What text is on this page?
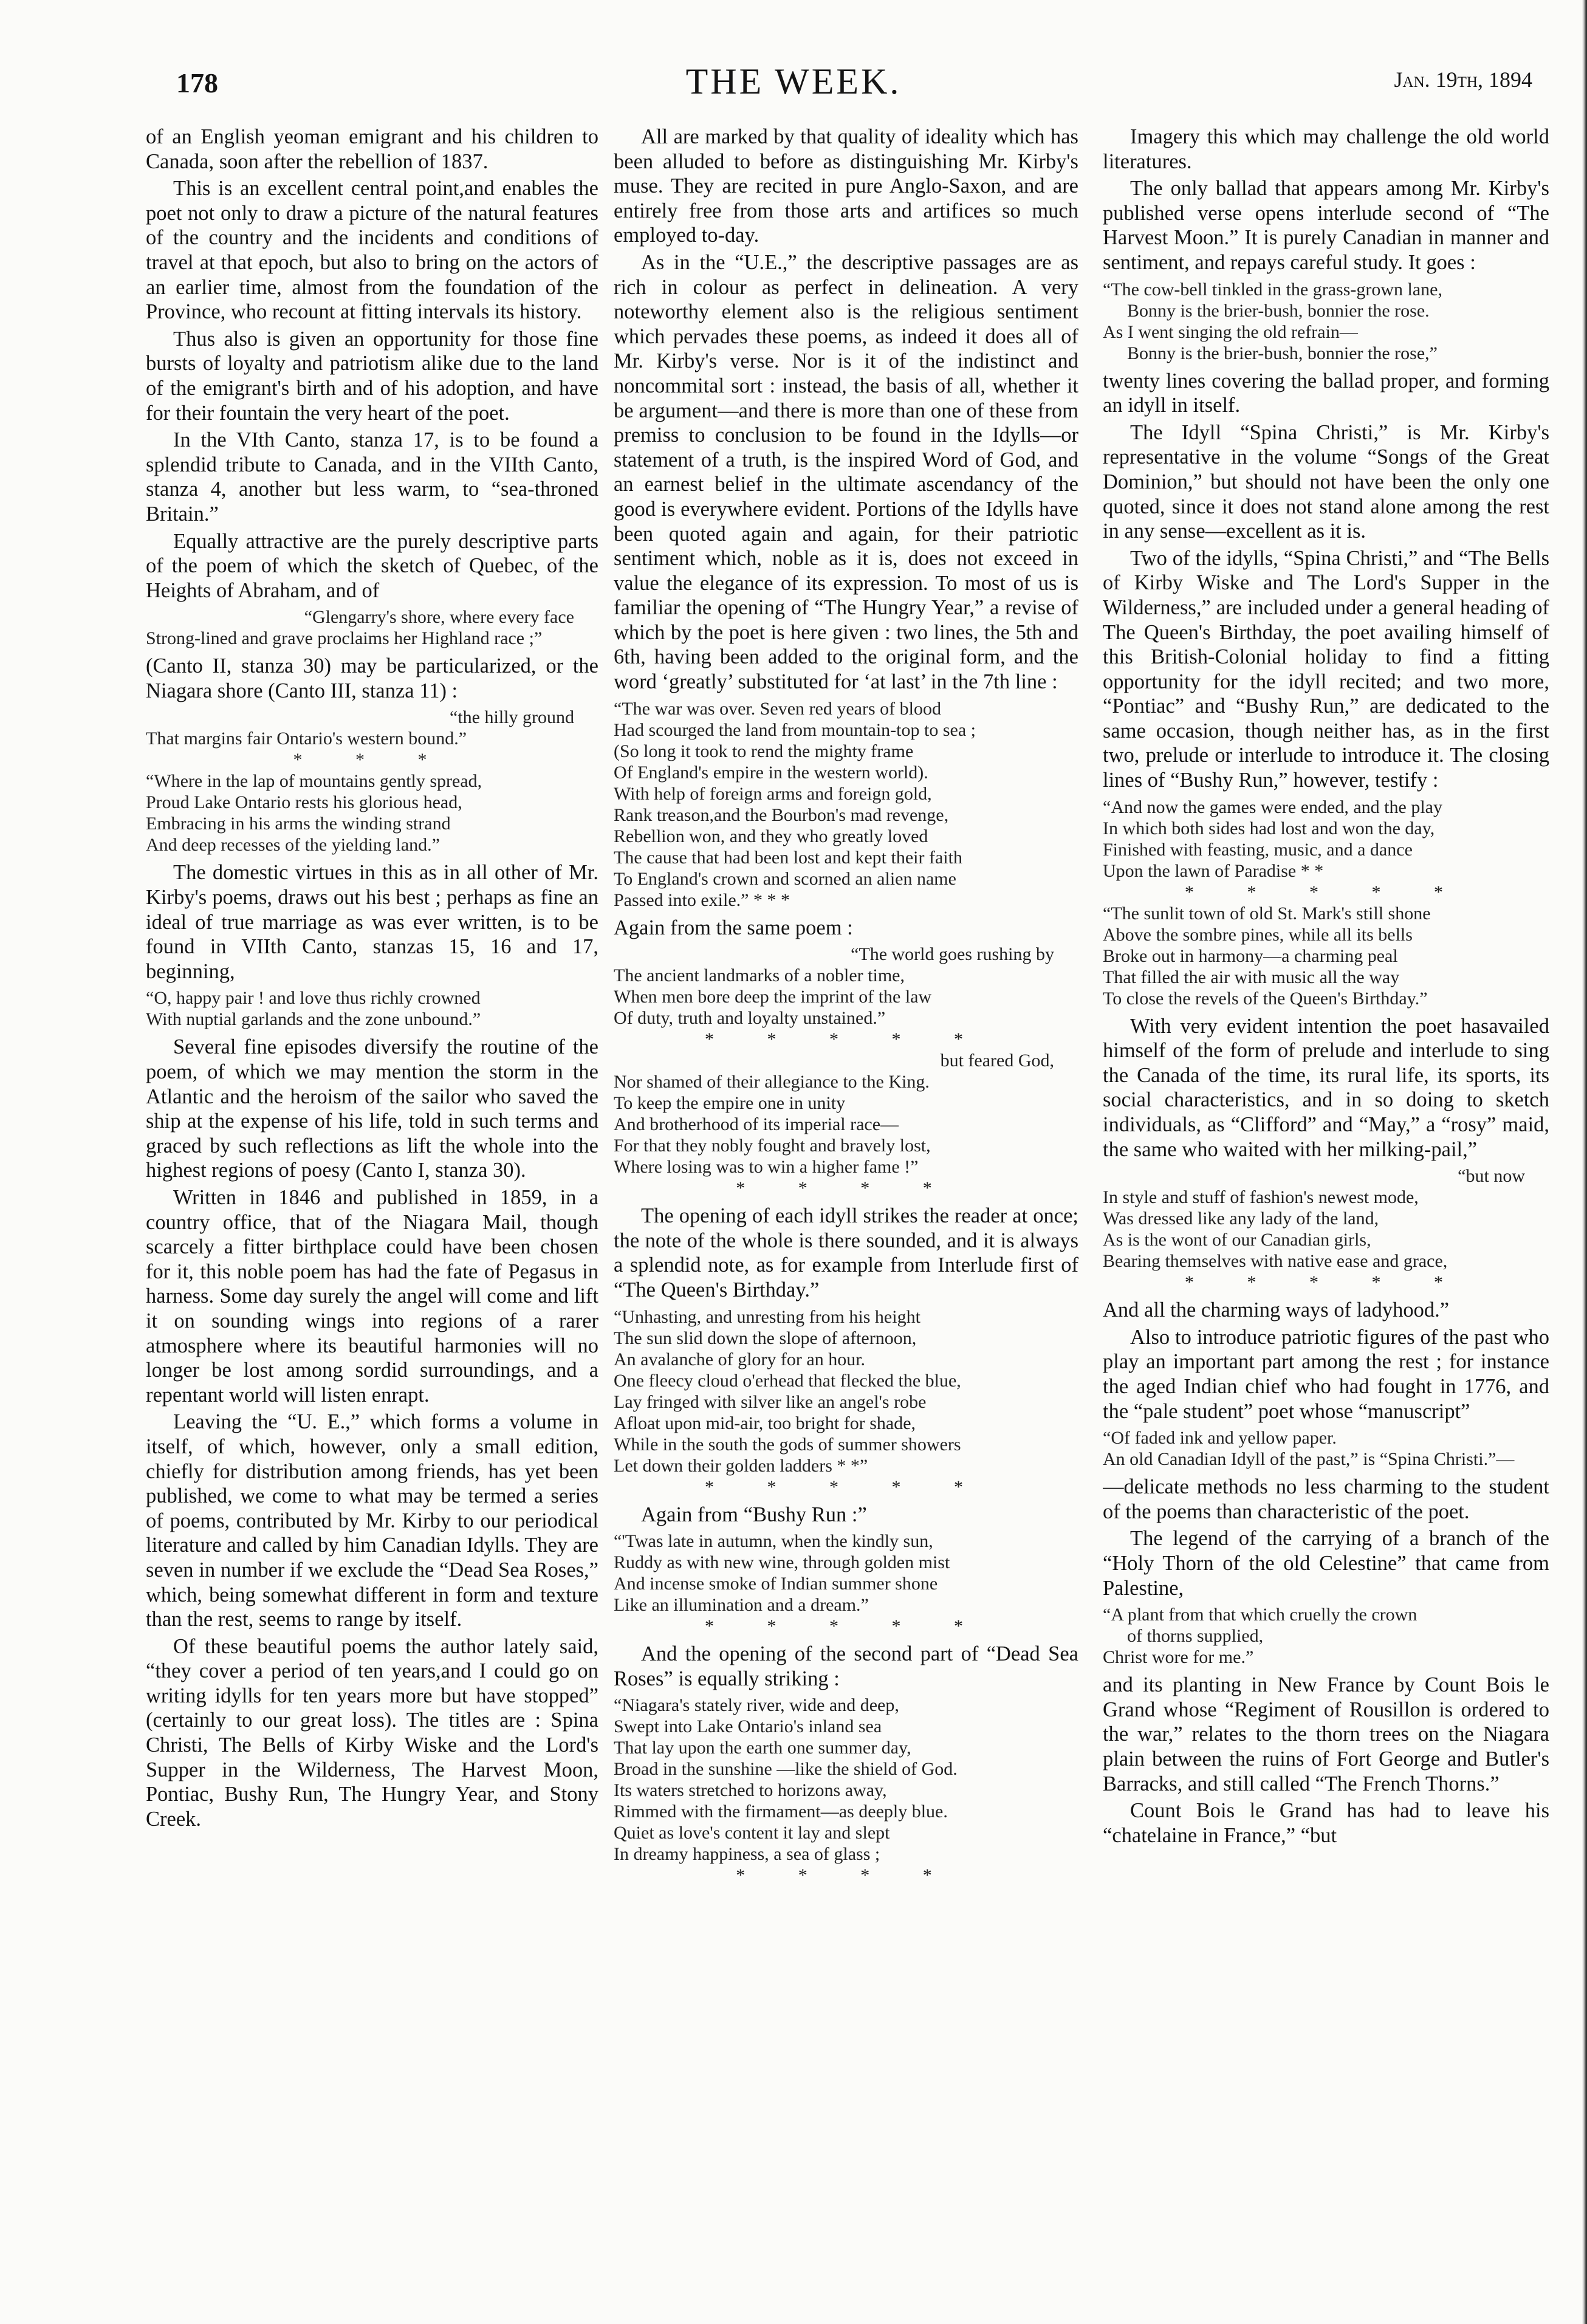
178	THE WEEK.	Jan. 19th, 1894

of an English yeoman emigrant and his children to Canada, soon after the rebellion of 1837.

This is an excellent central point,and enables the poet not only to draw a picture of the natural features of the country and the incidents and conditions of travel at that epoch, but also to bring on the actors of an earlier time, almost from the foundation of the Province, who recount at fitting intervals its history.

Thus also is given an opportunity for those fine bursts of loyalty and patriotism alike due to the land of the emigrant's birth and of his adoption, and have for their fountain the very heart of the poet.

In the VIth Canto, stanza 17, is to be found a splendid tribute to Canada, and in the VIIth Canto, stanza 4, another but less warm, to “sea-throned Britain.”

Equally attractive are the purely descriptive parts of the poem of which the sketch of Quebec, of the Heights of Abraham, and of

“Glengarry's shore, where every face
Strong-lined and grave proclaims her Highland race ;”

(Canto II, stanza 30) may be particularized, or the Niagara shore (Canto III, stanza 11) :

“the hilly ground
That margins fair Ontario's western bound.”
* * *
“Where in the lap of mountains gently spread,
Proud Lake Ontario rests his glorious head,
Embracing in his arms the winding strand
And deep recesses of the yielding land.”

The domestic virtues in this as in all other of Mr. Kirby's poems, draws out his best ; perhaps as fine an ideal of true marriage as was ever written, is to be found in VIIth Canto, stanzas 15, 16 and 17, beginning,

“O, happy pair ! and love thus richly crowned
With nuptial garlands and the zone unbound.”

Several fine episodes diversify the routine of the poem, of which we may mention the storm in the Atlantic and the heroism of the sailor who saved the ship at the expense of his life, told in such terms and graced by such reflections as lift the whole into the highest regions of poesy (Canto I, stanza 30).

Written in 1846 and published in 1859, in a country office, that of the Niagara Mail, though scarcely a fitter birthplace could have been chosen for it, this noble poem has had the fate of Pegasus in harness. Some day surely the angel will come and lift it on sounding wings into regions of a rarer atmosphere where its beautiful harmonies will no longer be lost among sordid surroundings, and a repentant world will listen enrapt.

Leaving the “U. E.,” which forms a volume in itself, of which, however, only a small edition, chiefly for distribution among friends, has yet been published, we come to what may be termed a series of poems, contributed by Mr. Kirby to our periodical literature and called by him Canadian Idylls. They are seven in number if we exclude the “Dead Sea Roses,” which, being somewhat different in form and texture than the rest, seems to range by itself.

Of these beautiful poems the author lately said, “they cover a period of ten years,and I could go on writing idylls for ten years more but have stopped” (certainly to our great loss). The titles are : Spina Christi, The Bells of Kirby Wiske and the Lord's Supper in the Wilderness, The Harvest Moon, Pontiac, Bushy Run, The Hungry Year, and Stony Creek.

All are marked by that quality of ideality which has been alluded to before as distinguishing Mr. Kirby's muse. They are recited in pure Anglo-Saxon, and are entirely free from those arts and artifices so much employed to-day.

As in the “U.E.,” the descriptive passages are as rich in colour as perfect in delineation. A very noteworthy element also is the religious sentiment which pervades these poems, as indeed it does all of Mr. Kirby's verse. Nor is it of the indistinct and noncommital sort : instead, the basis of all, whether it be argument—and there is more than one of these from premiss to conclusion to be found in the Idylls—or statement of a truth, is the inspired Word of God, and an earnest belief in the ultimate ascendancy of the good is everywhere evident. Portions of the Idylls have been quoted again and again, for their patriotic sentiment which, noble as it is, does not exceed in value the elegance of its expression. To most of us is familiar the opening of “The Hungry Year,” a revise of which by the poet is here given : two lines, the 5th and 6th, having been added to the original form, and the word ‘greatly’ substituted for ‘at last’ in the 7th line :

“The war was over. Seven red years of blood
Had scourged the land from mountain-top to sea ;
(So long it took to rend the mighty frame
Of England's empire in the western world).
With help of foreign arms and foreign gold,
Rank treason,and the Bourbon's mad revenge,
Rebellion won, and they who greatly loved
The cause that had been lost and kept their faith
To England's crown and scorned an alien name
Passed into exile.” * * *

Again from the same poem :

“The world goes rushing by
The ancient landmarks of a nobler time,
When men bore deep the imprint of the law
Of duty, truth and loyalty unstained.”
* * * * *
but feared God,
Nor shamed of their allegiance to the King.
To keep the empire one in unity
And brotherhood of its imperial race—
For that they nobly fought and bravely lost,
Where losing was to win a higher fame !”
* * * *

The opening of each idyll strikes the reader at once; the note of the whole is there sounded, and it is always a splendid note, as for example from Interlude first of “The Queen's Birthday.”

“Unhasting, and unresting from his height
The sun slid down the slope of afternoon,
An avalanche of glory for an hour.
One fleecy cloud o'erhead that flecked the blue,
Lay fringed with silver like an angel's robe
Afloat upon mid-air, too bright for shade,
While in the south the gods of summer showers
Let down their golden ladders * *”
* * * * *

Again from “Bushy Run :”

“'Twas late in autumn, when the kindly sun,
Ruddy as with new wine, through golden mist
And incense smoke of Indian summer shone
Like an illumination and a dream.”
* * * * *

And the opening of the second part of “Dead Sea Roses” is equally striking :

“Niagara's stately river, wide and deep,
Swept into Lake Ontario's inland sea
That lay upon the earth one summer day,
Broad in the sunshine —like the shield of God.
Its waters stretched to horizons away,
Rimmed with the firmament—as deeply blue.
Quiet as love's content it lay and slept
In dreamy happiness, a sea of glass ;
* * * *

Imagery this which may challenge the old world literatures.

The only ballad that appears among Mr. Kirby's published verse opens interlude second of “The Harvest Moon.” It is purely Canadian in manner and sentiment, and repays careful study. It goes :

“The cow-bell tinkled in the grass-grown lane,
Bonny is the brier-bush, bonnier the rose.
As I went singing the old refrain—
Bonny is the brier-bush, bonnier the rose,”

twenty lines covering the ballad proper, and forming an idyll in itself.

The Idyll “Spina Christi,” is Mr. Kirby's representative in the volume “Songs of the Great Dominion,” but should not have been the only one quoted, since it does not stand alone among the rest in any sense—excellent as it is.

Two of the idylls, “Spina Christi,” and “The Bells of Kirby Wiske and The Lord's Supper in the Wilderness,” are included under a general heading of The Queen's Birthday, the poet availing himself of this British-Colonial holiday to find a fitting opportunity for the idyll recited; and two more, “Pontiac” and “Bushy Run,” are dedicated to the same occasion, though neither has, as in the first two, prelude or interlude to introduce it. The closing lines of “Bushy Run,” however, testify :

“And now the games were ended, and the play
In which both sides had lost and won the day,
Finished with feasting, music, and a dance
Upon the lawn of Paradise * *
* * * * *
“The sunlit town of old St. Mark's still shone
Above the sombre pines, while all its bells
Broke out in harmony—a charming peal
That filled the air with music all the way
To close the revels of the Queen's Birthday.”

With very evident intention the poet hasavailed himself of the form of prelude and interlude to sing the Canada of the time, its rural life, its sports, its social characteristics, and in so doing to sketch individuals, as “Clifford” and “May,” a “rosy” maid, the same who waited with her milking-pail,”

“but now
In style and stuff of fashion's newest mode,
Was dressed like any lady of the land,
As is the wont of our Canadian girls,
Bearing themselves with native ease and grace,
* * * * *

And all the charming ways of ladyhood.”

Also to introduce patriotic figures of the past who play an important part among the rest ; for instance the aged Indian chief who had fought in 1776, and the “pale student” poet whose “manuscript”

“Of faded ink and yellow paper.
An old Canadian Idyll of the past,” is “Spina Christi.”—

—delicate methods no less charming to the student of the poems than characteristic of the poet.

The legend of the carrying of a branch of the “Holy Thorn of the old Celestine” that came from Palestine,

“A plant from that which cruelly the crown
of thorns supplied,
Christ wore for me.”

and its planting in New France by Count Bois le Grand whose “Regiment of Rousillon is ordered to the war,” relates to the thorn trees on the Niagara plain between the ruins of Fort George and Butler's Barracks, and still called “The French Thorns.”

Count Bois le Grand has had to leave his “chatelaine in France,” “but
